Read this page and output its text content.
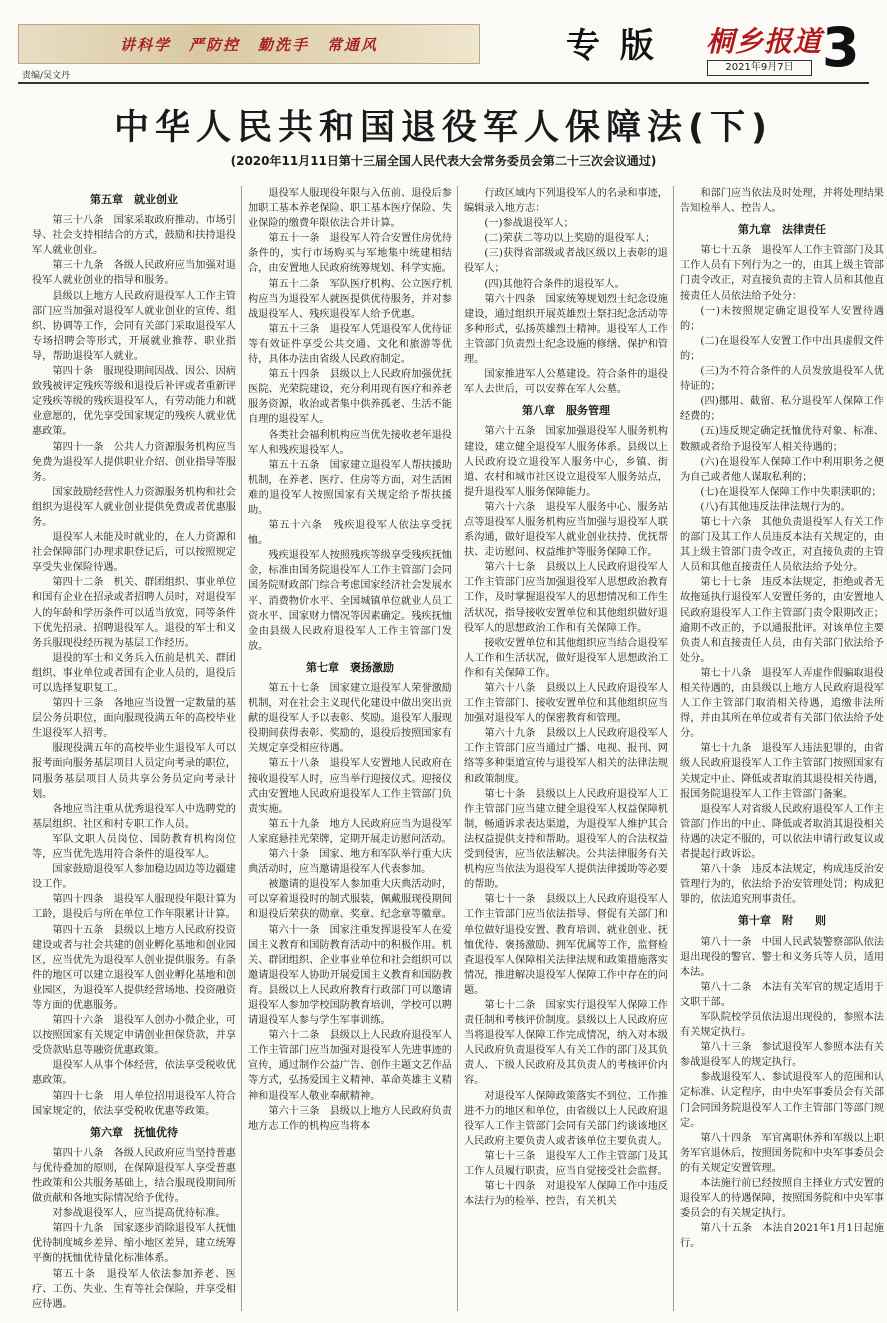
讲科学 严防控 勤洗手 常通风
责编/吴文丹
专 版 桐乡报道
2021年9月7日 3
中华人民共和国退役军人保障法(下)
(2020年11月11日第十三届全国人民代表大会常务委员会第二十三次会议通过)
第五章　就业创业

第三十八条　国家采取政府推动、市场引导、社会支持相结合的方式，鼓励和扶持退役军人就业创业。

第三十九条　各级人民政府应当加强对退役军人就业创业的指导和服务。

县级以上地方人民政府退役军人工作主管部门应当加强对退役军人就业创业的宣传、组织、协调等工作，会同有关部门采取退役军人专场招聘会等形式，开展就业推荐、职业指导，帮助退役军人就业。

第四十条　服现役期间因战、因公、因病致残被评定残疾等级和退役后补评或者重新评定残疾等级的残疾退役军人，有劳动能力和就业意愿的，优先享受国家规定的残疾人就业优惠政策。

第四十一条　公共人力资源服务机构应当免费为退役军人提供职业介绍、创业指导等服务。

国家鼓励经营性人力资源服务机构和社会组织为退役军人就业创业提供免费或者优惠服务。

退役军人未能及时就业的，在人力资源和社会保障部门办理求职登记后，可以按照规定享受失业保险待遇。

第四十二条　机关、群团组织、事业单位和国有企业在招录或者招聘人员时，对退役军人的年龄和学历条件可以适当放宽，同等条件下优先招录、招聘退役军人。退役的军士和义务兵服现役经历视为基层工作经历。

退役的军士和义务兵入伍前是机关、群团组织、事业单位或者国有企业人员的，退役后可以选择复职复工。

第四十三条　各地应当设置一定数量的基层公务员职位，面向服现役满五年的高校毕业生退役军人招考。

服现役满五年的高校毕业生退役军人可以报考面向服务基层项目人员定向考录的职位，同服务基层项目人员共享公务员定向考录计划。

各地应当注重从优秀退役军人中选聘党的基层组织、社区和村专职工作人员。

军队文职人员岗位、国防教育机构岗位等，应当优先选用符合条件的退役军人。

国家鼓励退役军人参加稳边固边等边疆建设工作。

第四十四条　退役军人服现役年限计算为工龄，退役后与所在单位工作年限累计计算。

第四十五条　县级以上地方人民政府投资建设或者与社会共建的创业孵化基地和创业园区，应当优先为退役军人创业提供服务。有条件的地区可以建立退役军人创业孵化基地和创业园区，为退役军人提供经营场地、投资融资等方面的优惠服务。

第四十六条　退役军人创办小微企业，可以按照国家有关规定申请创业担保贷款，并享受贷款贴息等融资优惠政策。

退役军人从事个体经营，依法享受税收优惠政策。

第四十七条　用人单位招用退役军人符合国家规定的，依法享受税收优惠等政策。

第六章　抚恤优待

第四十八条　各级人民政府应当坚持普惠与优待叠加的原则，在保障退役军人享受普惠性政策和公共服务基础上，结合服现役期间所做贡献和各地实际情况给予优待。

对参战退役军人，应当提高优待标准。

第四十九条　国家逐步消除退役军人抚恤优待制度城乡差异、缩小地区差异，建立统筹平衡的抚恤优待量化标准体系。

第五十条　退役军人依法参加养老、医疗、工伤、失业、生育等社会保险，并享受相应待遇。

退役军人服现役年限与入伍前、退役后参加职工基本养老保险、职工基本医疗保险、失业保险的缴费年限依法合并计算。

第五十一条　退役军人符合安置住房优待条件的，实行市场购买与军地集中统建相结合，由安置地人民政府统筹规划、科学实施。

第五十二条　军队医疗机构、公立医疗机构应当为退役军人就医提供优待服务，并对参战退役军人、残疾退役军人给予优惠。

第五十三条　退役军人凭退役军人优待证等有效证件享受公共交通、文化和旅游等优待，具体办法由省级人民政府制定。

第五十四条　县级以上人民政府加强优抚医院、光荣院建设，充分利用现有医疗和养老服务资源，收治或者集中供养孤老、生活不能自理的退役军人。

各类社会福利机构应当优先接收老年退役军人和残疾退役军人。

第五十五条　国家建立退役军人帮扶援助机制，在养老、医疗、住房等方面，对生活困难的退役军人按照国家有关规定给予帮扶援助。

第五十六条　残疾退役军人依法享受抚恤。

残疾退役军人按照残疾等级享受残疾抚恤金，标准由国务院退役军人工作主管部门会同国务院财政部门综合考虑国家经济社会发展水平、消费物价水平、全国城镇单位就业人员工资水平、国家财力情况等因素确定。残疾抚恤金由县级人民政府退役军人工作主管部门发放。

第七章　褒扬激励

第五十七条　国家建立退役军人荣誉激励机制，对在社会主义现代化建设中做出突出贡献的退役军人予以表彰、奖励。退役军人服现役期间获得表彰、奖励的，退役后按照国家有关规定享受相应待遇。

第五十八条　退役军人安置地人民政府在接收退役军人时，应当举行迎接仪式。迎接仪式由安置地人民政府退役军人工作主管部门负责实施。

第五十九条　地方人民政府应当为退役军人家庭悬挂光荣牌，定期开展走访慰问活动。

第六十条　国家、地方和军队举行重大庆典活动时，应当邀请退役军人代表参加。

被邀请的退役军人参加重大庆典活动时，可以穿着退役时的制式服装，佩戴服现役期间和退役后荣获的勋章、奖章、纪念章等徽章。

第六十一条　国家注重发挥退役军人在爱国主义教育和国防教育活动中的积极作用。机关、群团组织、企业事业单位和社会组织可以邀请退役军人协助开展爱国主义教育和国防教育。县级以上人民政府教育行政部门可以邀请退役军人参加学校国防教育培训，学校可以聘请退役军人参与学生军事训练。

第六十二条　县级以上人民政府退役军人工作主管部门应当加强对退役军人先进事迹的宣传，通过制作公益广告、创作主题文艺作品等方式，弘扬爱国主义精神、革命英雄主义精神和退役军人敬业奉献精神。

第六十三条　县级以上地方人民政府负责地方志工作的机构应当将本

行政区域内下列退役军人的名录和事迹，编辑录入地方志：

(一)参战退役军人；

(二)荣获二等功以上奖励的退役军人；

(三)获得省部级或者战区级以上表彰的退役军人；

(四)其他符合条件的退役军人。

第六十四条　国家统筹规划烈士纪念设施建设，通过组织开展英雄烈士祭扫纪念活动等多种形式，弘扬英雄烈士精神。退役军人工作主管部门负责烈士纪念设施的修缮、保护和管理。

国家推进军人公墓建设。符合条件的退役军人去世后，可以安葬在军人公墓。

第八章　服务管理

第六十五条　国家加强退役军人服务机构建设，建立健全退役军人服务体系。县级以上人民政府设立退役军人服务中心，乡镇、街道、农村和城市社区设立退役军人服务站点，提升退役军人服务保障能力。

第六十六条　退役军人服务中心、服务站点等退役军人服务机构应当加强与退役军人联系沟通，做好退役军人就业创业扶持、优抚帮扶、走访慰问、权益维护等服务保障工作。

第六十七条　县级以上人民政府退役军人工作主管部门应当加强退役军人思想政治教育工作，及时掌握退役军人的思想情况和工作生活状况，指导接收安置单位和其他组织做好退役军人的思想政治工作和有关保障工作。

接收安置单位和其他组织应当结合退役军人工作和生活状况，做好退役军人思想政治工作和有关保障工作。

第六十八条　县级以上人民政府退役军人工作主管部门、接收安置单位和其他组织应当加强对退役军人的保密教育和管理。

第六十九条　县级以上人民政府退役军人工作主管部门应当通过广播、电视、报刊、网络等多种渠道宣传与退役军人相关的法律法规和政策制度。

第七十条　县级以上人民政府退役军人工作主管部门应当建立健全退役军人权益保障机制，畅通诉求表达渠道，为退役军人维护其合法权益提供支持和帮助。退役军人的合法权益受到侵害，应当依法解决。公共法律服务有关机构应当依法为退役军人提供法律援助等必要的帮助。

第七十一条　县级以上人民政府退役军人工作主管部门应当依法指导、督促有关部门和单位做好退役安置、教育培训、就业创业、抚恤优待、褒扬激励、拥军优属等工作，监督检查退役军人保障相关法律法规和政策措施落实情况，推进解决退役军人保障工作中存在的问题。

第七十二条　国家实行退役军人保障工作责任制和考核评价制度。县级以上人民政府应当将退役军人保障工作完成情况，纳入对本级人民政府负责退役军人有关工作的部门及其负责人、下级人民政府及其负责人的考核评价内容。

对退役军人保障政策落实不到位、工作推进不力的地区和单位，由省级以上人民政府退役军人工作主管部门会同有关部门约谈该地区人民政府主要负责人或者该单位主要负责人。

第七十三条　退役军人工作主管部门及其工作人员履行职责，应当自觉接受社会监督。

第七十四条　对退役军人保障工作中违反本法行为的检举、控告，有关机关

和部门应当依法及时处理，并将处理结果告知检举人、控告人。

第九章　法律责任

第七十五条　退役军人工作主管部门及其工作人员有下列行为之一的，由其上级主管部门责令改正，对直接负责的主管人员和其他直接责任人员依法给予处分：

(一)未按照规定确定退役军人安置待遇的；

(二)在退役军人安置工作中出具虚假文件的；

(三)为不符合条件的人员发放退役军人优待证的；

(四)挪用、截留、私分退役军人保障工作经费的；

(五)违反规定确定抚恤优待对象、标准、数额或者给予退役军人相关待遇的；

(六)在退役军人保障工作中利用职务之便为自己或者他人谋取私利的；

(七)在退役军人保障工作中失职渎职的；

(八)有其他违反法律法规行为的。

第七十六条　其他负责退役军人有关工作的部门及其工作人员违反本法有关规定的，由其上级主管部门责令改正，对直接负责的主管人员和其他直接责任人员依法给予处分。

第七十七条　违反本法规定，拒绝或者无故拖延执行退役军人安置任务的，由安置地人民政府退役军人工作主管部门责令限期改正；逾期不改正的，予以通报批评。对该单位主要负责人和直接责任人员，由有关部门依法给予处分。

第七十八条　退役军人弄虚作假骗取退役相关待遇的，由县级以上地方人民政府退役军人工作主管部门取消相关待遇，追缴非法所得，并由其所在单位或者有关部门依法给予处分。

第七十九条　退役军人违法犯罪的，由省级人民政府退役军人工作主管部门按照国家有关规定中止、降低或者取消其退役相关待遇，报国务院退役军人工作主管部门备案。

退役军人对省级人民政府退役军人工作主管部门作出的中止、降低或者取消其退役相关待遇的决定不服的，可以依法申请行政复议或者提起行政诉讼。

第八十条　违反本法规定，构成违反治安管理行为的，依法给予治安管理处罚；构成犯罪的，依法追究刑事责任。

第十章　附　　则

第八十一条　中国人民武装警察部队依法退出现役的警官、警士和义务兵等人员，适用本法。

第八十二条　本法有关军官的规定适用于文职干部。

军队院校学员依法退出现役的，参照本法有关规定执行。

第八十三条　参试退役军人参照本法有关参战退役军人的规定执行。

参战退役军人、参试退役军人的范围和认定标准、认定程序，由中央军事委员会有关部门会同国务院退役军人工作主管部门等部门规定。

第八十四条　军官离职休养和军级以上职务军官退休后，按照国务院和中央军事委员会的有关规定安置管理。

本法施行前已经按照自主择业方式安置的退役军人的待遇保障，按照国务院和中央军事委员会的有关规定执行。

第八十五条　本法自2021年1月1日起施行。
